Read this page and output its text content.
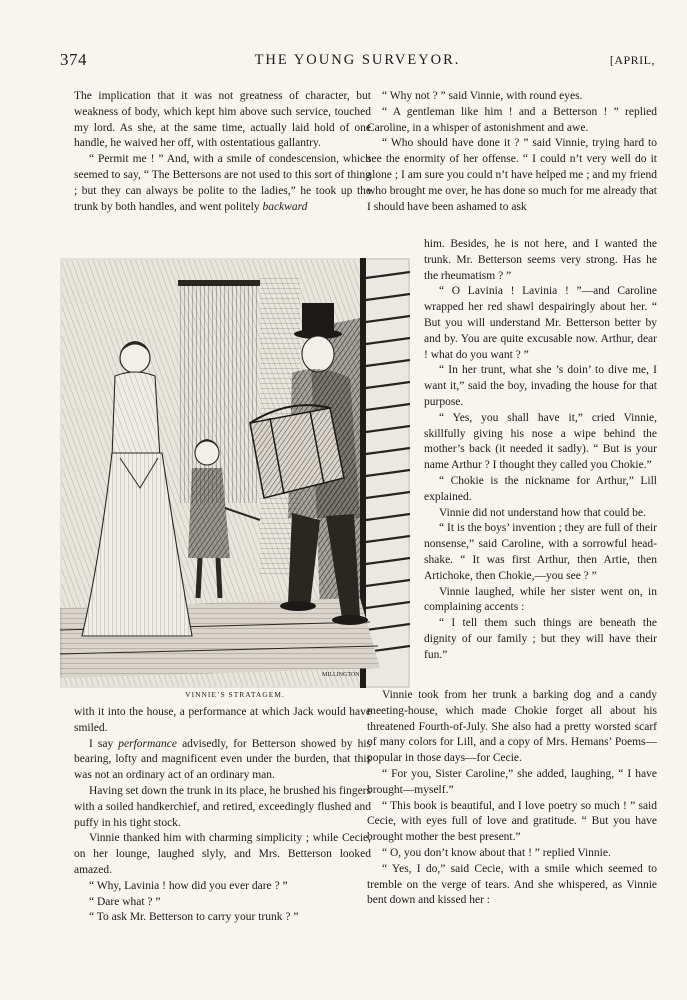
374	THE YOUNG SURVEYOR.	[APRIL,

The implication that it was not greatness of character, but weakness of body, which kept him above such service, touched my lord. As she, at the same time, actually laid hold of one handle, he waived her off, with ostentatious gallantry.

“ Permit me ! ” And, with a smile of condescension, which seemed to say, “ The Bettersons are not used to this sort of thing ; but they can always be polite to the ladies,” he took up the trunk by both handles, and went politely backward

MILLINGTON
VINNIE’S STRATAGEM.

with it into the house, a performance at which Jack would have smiled.

I say performance advisedly, for Betterson showed by his bearing, lofty and magnificent even under the burden, that this was not an ordinary act of an ordinary man.

Having set down the trunk in its place, he brushed his fingers with a soiled handkerchief, and retired, exceedingly flushed and puffy in his tight stock.

Vinnie thanked him with charming simplicity ; while Cecie, on her lounge, laughed slyly, and Mrs. Betterson looked amazed.

“ Why, Lavinia ! how did you ever dare ? ”

“ Dare what ? ”

“ To ask Mr. Betterson to carry your trunk ? ”

“ Why not ? ” said Vinnie, with round eyes.

“ A gentleman like him ! and a Betterson ! ” replied Caroline, in a whisper of astonishment and awe.

“ Who should have done it ? ” said Vinnie, trying hard to see the enormity of her offense. “ I could n’t very well do it alone ; I am sure you could n’t have helped me ; and my friend who brought me over, he has done so much for me already that I should have been ashamed to ask

him. Besides, he is not here, and I wanted the trunk. Mr. Betterson seems very strong. Has he the rheumatism ? ”

“ O Lavinia ! Lavinia ! ”—and Caroline wrapped her red shawl despairingly about her. “ But you will understand Mr. Betterson better by and by. You are quite excusable now. Arthur, dear ! what do you want ? ”

“ In her trunt, what she ’s doin’ to dive me, I want it,” said the boy, invading the house for that purpose.

“ Yes, you shall have it,” cried Vinnie, skillfully giving his nose a wipe behind the mother’s back (it needed it sadly). “ But is your name Arthur ? I thought they called you Chokie.”

“ Chokie is the nickname for Arthur,” Lill explained.

Vinnie did not understand how that could be.

“ It is the boys’ invention ; they are full of their nonsense,” said Caroline, with a sorrowful head-shake. “ It was first Arthur, then Artie, then Artichoke, then Chokie,—you see ? ”

Vinnie laughed, while her sister went on, in complaining accents :

“ I tell them such things are beneath the dignity of our family ; but they will have their fun.”

Vinnie took from her trunk a barking dog and a candy meeting-house, which made Chokie forget all about his threatened Fourth-of-July. She also had a pretty worsted scarf of many colors for Lill, and a copy of Mrs. Hemans’ Poems—popular in those days—for Cecie.

“ For you, Sister Caroline,” she added, laughing, “ I have brought—myself.”

“ This book is beautiful, and I love poetry so much ! ” said Cecie, with eyes full of love and gratitude. “ But you have brought mother the best present.”

“ O, you don’t know about that ! ” replied Vinnie.

“ Yes, I do,” said Cecie, with a smile which seemed to tremble on the verge of tears. And she whispered, as Vinnie bent down and kissed her :
